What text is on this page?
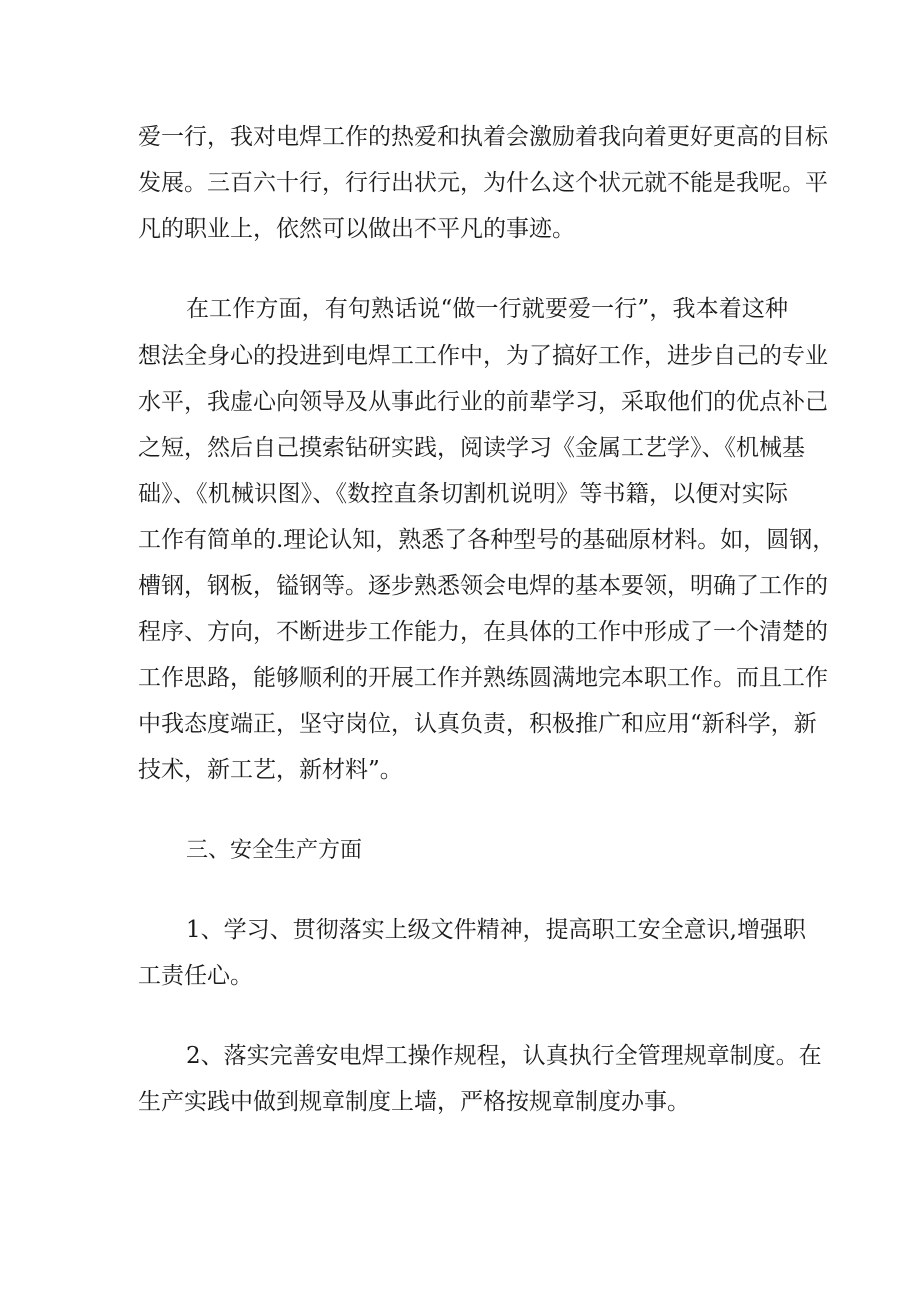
爱一行，我对电焊工作的热爱和执着会激励着我向着更好更高的目标

发展。三百六十行，行行出状元，为什么这个状元就不能是我呢。平

凡的职业上，依然可以做出不平凡的事迹。

在工作方面，有句熟话说“做一行就要爱一行”，我本着这种

想法全身心的投进到电焊工工作中，为了搞好工作，进步自己的专业

水平，我虚心向领导及从事此行业的前辈学习，采取他们的优点补己

之短，然后自己摸索钻研实践，阅读学习《金属工艺学》、《机械基

础》、《机械识图》、《数控直条切割机说明》等书籍，以便对实际

工作有简单的.理论认知，熟悉了各种型号的基础原材料。如，圆钢，

槽钢，钢板，镒钢等。逐步熟悉领会电焊的基本要领，明确了工作的

程序、方向，不断进步工作能力，在具体的工作中形成了一个清楚的

工作思路，能够顺利的开展工作并熟练圆满地完本职工作。而且工作

中我态度端正，坚守岗位，认真负责，积极推广和应用“新科学，新

技术，新工艺，新材料”。

三、安全生产方面

1、学习、贯彻落实上级文件精神，提高职工安全意识,增强职

工责任心。

2、落实完善安电焊工操作规程，认真执行全管理规章制度。在

生产实践中做到规章制度上墙，严格按规章制度办事。
